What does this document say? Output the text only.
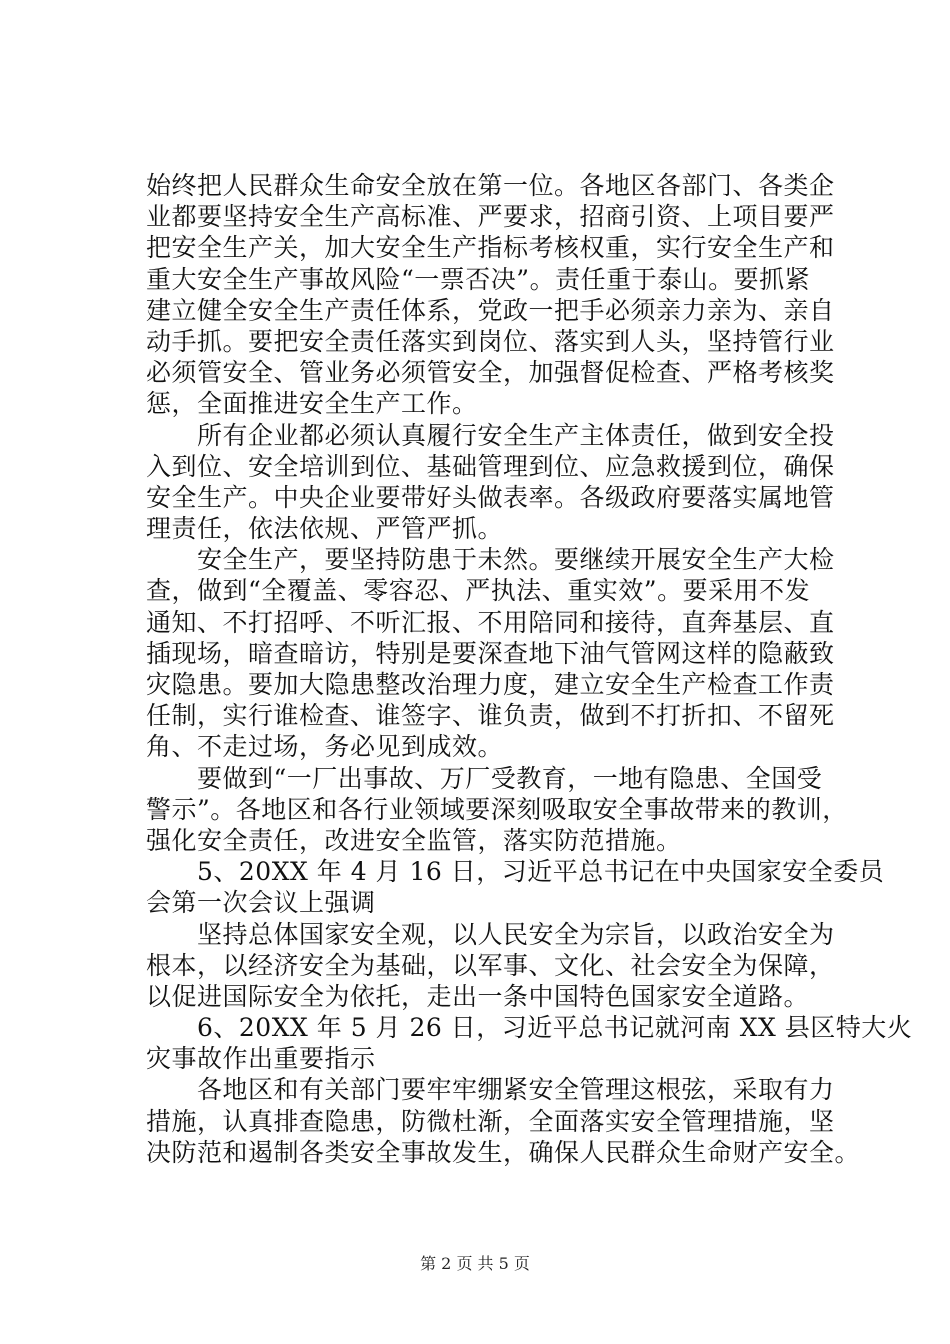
始终把人民群众生命安全放在第一位。各地区各部门、各类企
业都要坚持安全生产高标准、严要求，招商引资、上项目要严
把安全生产关，加大安全生产指标考核权重，实行安全生产和
重大安全生产事故风险“一票否决”。责任重于泰山。要抓紧
建立健全安全生产责任体系，党政一把手必须亲力亲为、亲自
动手抓。要把安全责任落实到岗位、落实到人头，坚持管行业
必须管安全、管业务必须管安全，加强督促检查、严格考核奖
惩，全面推进安全生产工作。
　　所有企业都必须认真履行安全生产主体责任，做到安全投
入到位、安全培训到位、基础管理到位、应急救援到位，确保
安全生产。中央企业要带好头做表率。各级政府要落实属地管
理责任，依法依规、严管严抓。
　　安全生产，要坚持防患于未然。要继续开展安全生产大检
查，做到“全覆盖、零容忍、严执法、重实效”。要采用不发
通知、不打招呼、不听汇报、不用陪同和接待，直奔基层、直
插现场，暗查暗访，特别是要深查地下油气管网这样的隐蔽致
灾隐患。要加大隐患整改治理力度，建立安全生产检查工作责
任制，实行谁检查、谁签字、谁负责，做到不打折扣、不留死
角、不走过场，务必见到成效。
　　要做到“一厂出事故、万厂受教育，一地有隐患、全国受
警示”。各地区和各行业领域要深刻吸取安全事故带来的教训，
强化安全责任，改进安全监管，落实防范措施。
　　5、20XX 年 4 月 16 日，习近平总书记在中央国家安全委员
会第一次会议上强调
　　坚持总体国家安全观，以人民安全为宗旨，以政治安全为
根本，以经济安全为基础，以军事、文化、社会安全为保障，
以促进国际安全为依托，走出一条中国特色国家安全道路。
　　6、20XX 年 5 月 26 日，习近平总书记就河南 XX 县区特大火
灾事故作出重要指示
　　各地区和有关部门要牢牢绷紧安全管理这根弦，采取有力
措施，认真排查隐患，防微杜渐，全面落实安全管理措施，坚
决防范和遏制各类安全事故发生，确保人民群众生命财产安全。
第 2 页 共 5 页
